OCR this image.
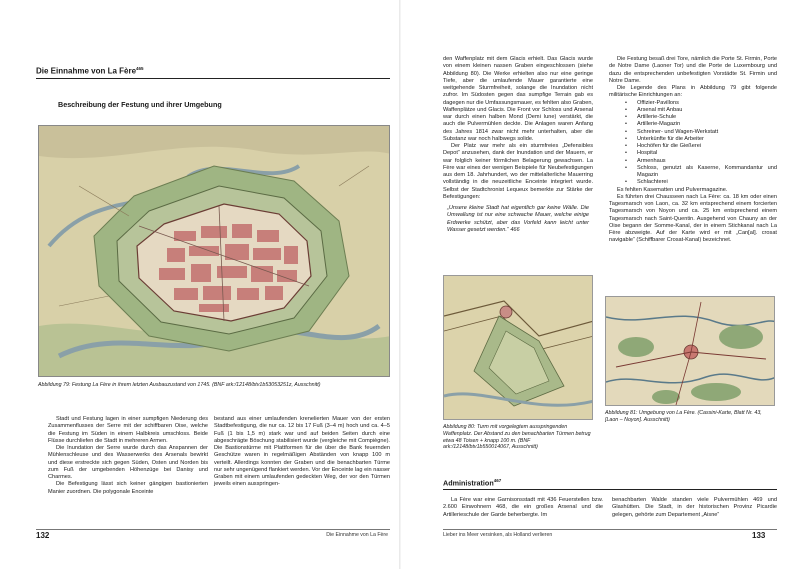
Die Einnahme von La Fère$^{465}$
Beschreibung der Festung und ihrer Umgebung
Abbildung 79: Festung La Fère in ihrem letzten Ausbauzustand von 1745. (BNF ark:/12148/btv1b53053251z, Ausschnitt)

Stadt und Festung lagen in einer sumpfigen Niederung des Zusammenflusses der Serre mit der schiffbaren Oise, welche die Festung im Süden in einem Halbkreis umschloss. Beide Flüsse durchliefen die Stadt in mehreren Armen.

Die Inundation der Serre wurde durch das Anspannen der Mühlenschleuse und des Wasserwerks des Arsenals bewirkt und diese erstreckte sich gegen Süden, Osten und Norden bis zum Fuß der umgebenden Höhenzüge bei Danisy und Charmes.

Die Befestigung lässt sich keiner gängigen bastionierten Manier zuordnen. Die polygonale Enceinte

bestand aus einer umlaufenden krenelierten Mauer von der ersten Stadtbefestigung, die nur ca. 12 bis 17 Fuß (3–4 m) hoch und ca. 4–5 Fuß (1 bis 1,5 m) stark war und auf beiden Seiten durch eine abgeschrägte Böschung stabilisiert wurde (vergleiche mit Compiègne). Die Bastionstürme mit Plattformen für die über die Bank feuernden Geschütze waren in regelmäßigen Abständen von knapp 100 m verteilt. Allerdings konnten der Graben und die benachbarten Türme nur sehr ungenügend flankiert werden. Vor der Enceinte lag ein nasser Graben mit einem umlaufenden gedeckten Weg, der vor den Türmen jeweils einen ausspringen-

132	Die Einnahme von La Fère

den Waffenplatz mit dem Glacis erhielt. Das Glacis wurde von einem kleinen nassen Graben eingeschlossen (siehe Abbildung 80). Die Werke erhielten also nur eine geringe Tiefe, aber die umlaufende Mauer garantierte eine weitgehende Sturmfreiheit, solange die Inundation nicht zufror. Im Südosten gegen das sumpfige Terrain gab es dagegen nur die Umfassungsmauer, es fehlten also Graben, Waffenplätze und Glacis. Die Front vor Schloss und Arsenal war durch einen halben Mond (Demi lune) verstärkt, die auch die Pulvermühlen deckte. Die Anlagen waren Anfang des Jahres 1814 zwar nicht mehr unterhalten, aber die Substanz war noch halbwegs solide.

Der Platz war mehr als ein sturmfreies „Defensibles Depot“ anzusehen, dank der Inundation und der Mauern, er war folglich keiner förmlichen Belagerung gewachsen. La Fère war eines der wenigen Beispiele für Neubefestigungen aus dem 18. Jahrhundert, wo der mittelalterliche Mauerring vollständig in die neuzeitliche Enceinte integriert wurde. Selbst der Stadtchronist Lequeux bemerkte zur Stärke der Befestigungen:

„Unsere kleine Stadt hat eigentlich gar keine Wälle. Die Umwallung ist nur eine schwache Mauer, welche einige Erdwerke schützt, aber das Vorfeld kann leicht unter Wasser gesetzt werden.“ 466

Die Festung besaß drei Tore, nämlich die Porte St. Firmin, Porte de Notre Dame (Laoner Tor) und die Porte de Luxembourg und dazu die entsprechenden unbefestigten Vorstädte St. Firmin und Notre Dame.

Die Legende des Plans in Abbildung 79 gibt folgende militärische Einrichtungen an:

• Offizier-Pavillons
• Arsenal mit Anbau
• Artillerie-Schule
• Artillerie-Magazin
• Schreiner- und Wagen-Werkstatt
• Unterkünfte für die Arbeiter
• Hochöfen für die Gießerei
• Hospital
• Armenhaus
• Schloss, genutzt als Kaserne, Kommandantur und Magazin
• Schlachterei

Es fehlten Kasematten und Pulvermagazine.

Es führten drei Chausseen nach La Fère: ca. 18 km oder einen Tagesmarsch von Laon, ca. 32 km entsprechend einem forcierten Tagesmarsch von Noyon und ca. 25 km entsprechend einem Tagesmarsch nach Saint-Quentin. Ausgehend von Chauny an der Oise begann der Somme-Kanal, der in einem Stichkanal nach La Fère abzweigte. Auf der Karte wird er mit „Can[al]. crosat navigable“ (Schiffbarer Crosat-Kanal) bezeichnet.

Abbildung 80: Turm mit vorgelegtem ausspringenden Waffenplatz. Der Abstand zu den benachbarten Türmen betrug etwa 48 Toisen + knapp 100 m. (BNF ark:/12148/btv1b550014067, Ausschnitt)
Abbildung 81: Umgebung von La Fère. (Cassini-Karte, Blatt Nr. 43, [Laon – Noyon]. Ausschnitt)
Administration$^{467}$

La Fère war eine Garnisonsstadt mit 436 Feuerstellen bzw. 2.600 Einwohnern 468, die ein großes Arsenal und die Artillerieschule der Garde beherbergte. Im

benachbarten Walde standen viele Pulvermühlen 469 und Glashütten. Die Stadt, in der historischen Provinz Picardie gelegen, gehörte zum Departement „Aisne“

Lieber ins Meer versinken, als Holland verlieren	133
